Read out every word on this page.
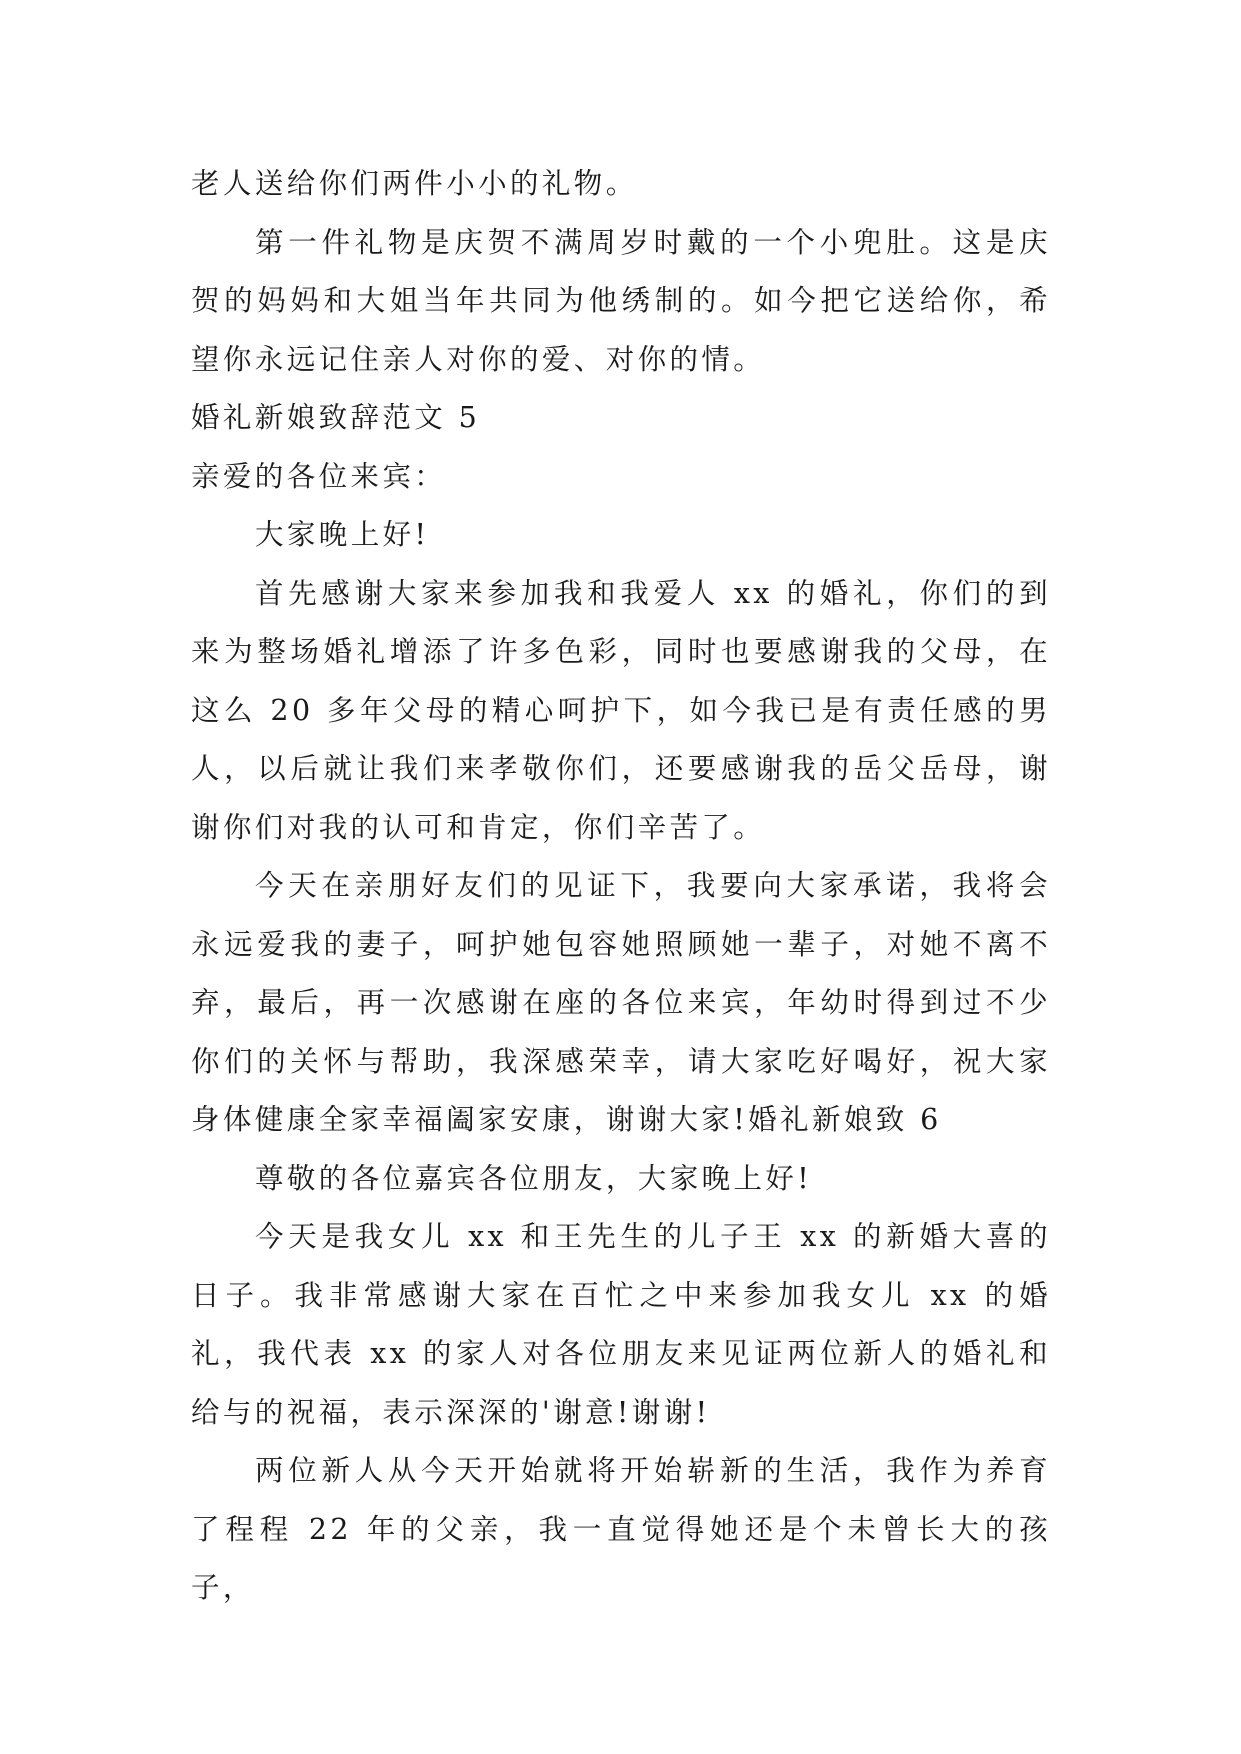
老人送给你们两件小小的礼物。

第一件礼物是庆贺不满周岁时戴的一个小兜肚。这是庆贺的妈妈和大姐当年共同为他绣制的。如今把它送给你，希望你永远记住亲人对你的爱、对你的情。

婚礼新娘致辞范文 5

亲爱的各位来宾：

大家晚上好!

首先感谢大家来参加我和我爱人 xx 的婚礼，你们的到来为整场婚礼增添了许多色彩，同时也要感谢我的父母，在这么 20 多年父母的精心呵护下，如今我已是有责任感的男人，以后就让我们来孝敬你们，还要感谢我的岳父岳母，谢谢你们对我的认可和肯定，你们辛苦了。

今天在亲朋好友们的见证下，我要向大家承诺，我将会永远爱我的妻子，呵护她包容她照顾她一辈子，对她不离不弃，最后，再一次感谢在座的各位来宾，年幼时得到过不少你们的关怀与帮助，我深感荣幸，请大家吃好喝好，祝大家身体健康全家幸福阖家安康，谢谢大家!婚礼新娘致 6

尊敬的各位嘉宾各位朋友，大家晚上好!

今天是我女儿 xx 和王先生的儿子王 xx 的新婚大喜的日子。我非常感谢大家在百忙之中来参加我女儿 xx 的婚礼，我代表 xx 的家人对各位朋友来见证两位新人的婚礼和给与的祝福，表示深深的'谢意!谢谢!

两位新人从今天开始就将开始崭新的生活，我作为养育了程程 22 年的父亲，我一直觉得她还是个未曾长大的孩子，
